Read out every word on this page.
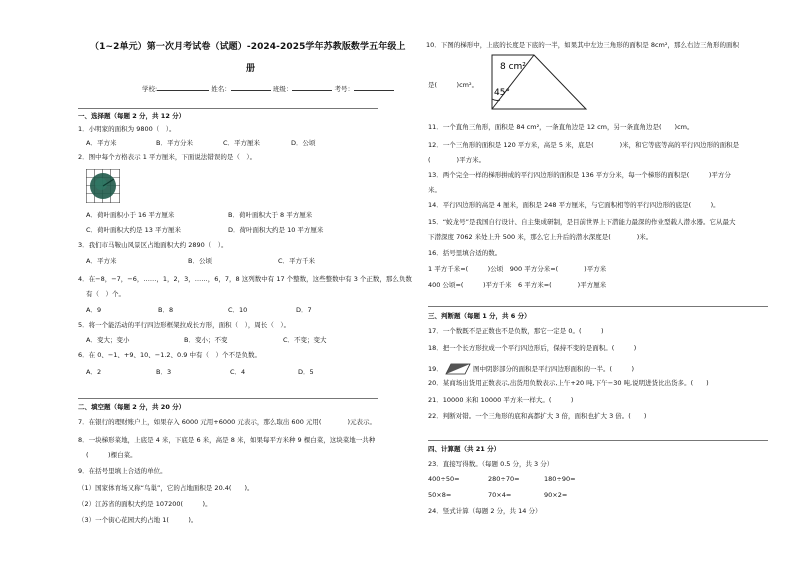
（1~2单元）第一次月考试卷（试题）-2024-2025学年苏教版数学五年级上
册
学校:	姓名：	班级：	考号：
一、选择题（每题 2 分，共 12 分）
1．小明家的面积为 9800（　）。
A．平方米	B．平方分米	C．平方厘米	D．公顷
2．图中每个方格表示 1 平方厘米，下面说法错误的是（　）。
A．荷叶面积小于 16 平方厘米	B．荷叶面积大于 8 平方厘米
C．荷叶面积大约是 13 平方厘米	D．荷叶面积大约是 10 平方厘米
3．我们市马鞍山风景区占地面积大约 2890（　）。
A．平方米	B．公顷	C．平方千米
4．在−8，−7，−6，……，1，2，3，……，6，7，8 这列数中有 17 个整数，这些整数中有 3 个正数，那么负数
有（　）个。
A．9	B．8	C．10	D．7
5．将一个能活动的平行四边形框架拉成长方形，面积（　），周长（　）。
A．变大；变小	B．变小；不变	C．不变；变大
6．在 0、−1、+9、10、−1.2、0.9 中有（　）个不是负数。
A．2	B．3	C．4	D．5
二、填空题（每题 2 分，共 20 分）
7．在银行的理财账户上，如果存入 6000 元用+6000 元表示，那么取出 600 元用(　　　　)元表示。
8．一块梯形菜地，上底是 4 米，下底是 6 米，高是 8 米，如果每平方米种 9 棵白菜，这块菜地一共种
(　　　)棵白菜。
9．在括号里填上合适的单位。
（1）国家体育场又称“鸟巢”，它的占地面积是 20.4(　　)。
（2）江苏省的面积大约是 107200(　　　)。
（3）一个街心花园大约占地 1(　　　)。
10．下图的梯形中，上底的长度是下底的一半，如果其中左边三角形的面积是 8cm²，那么右边三角形的面积
是(　　　)cm²。
8 cm²
45°
11．一个直角三角形，面积是 84 cm²，一条直角边是 12 cm，另一条直角边是(　　)cm。
12．一个三角形的面积是 120 平方米，高是 5 米，底是(　　　　)米，和它等底等高的平行四边形的面积是
(　　　　)平方米。
13．两个完全一样的梯形拼成的平行四边形的面积是 136 平方分米，每一个梯形的面积是(　　　)平方分
米。
14．平行四边形的高是 4 厘米，面积是 248 平方厘米，与它面积相等的平行四边形的底是(　　　)。
15．“蛟龙号”是我国自行设计、自主集成研制，是目前世界上下潜能力最深的作业型载人潜水器。它从最大
下潜深度 7062 米处上升 500 米，那么它上升后的潜水深度是(　　　　)米。
16．括号里填合适的数。
1 平方千米=(　　　)公顷　900 平方分米=(　　　　)平方米
400 公顷=(　　　)平方千米　6 平方米=(　　　　)平方厘米
三、判断题（每题 1 分，共 6 分）
17．一个数既不是正数也不是负数，那它一定是 0。(　　　)
18．把一个长方形拉成一个平行四边形后，保持不变的是面积。(　　　)
19．	图中阴影部分的面积是平行四边形面积的一半。(　　　)
20．某商场出货用正数表示,出货用负数表示,上午+20 吨,下午−30 吨,说明进货比出货多。(　　)
21．10000 米和 10000 平方米一样大。(　　　)
22．判断对错。一个三角形的底和高都扩大 3 倍，面积也扩大 3 倍。(　　)
四、计算题（共 21 分）
23．直接写得数。（每题 0.5 分，共 3 分）
400÷50=	280÷70=	180÷90=
50×8=	70×4=	90×2=
24．竖式计算（每题 2 分，共 14 分）
